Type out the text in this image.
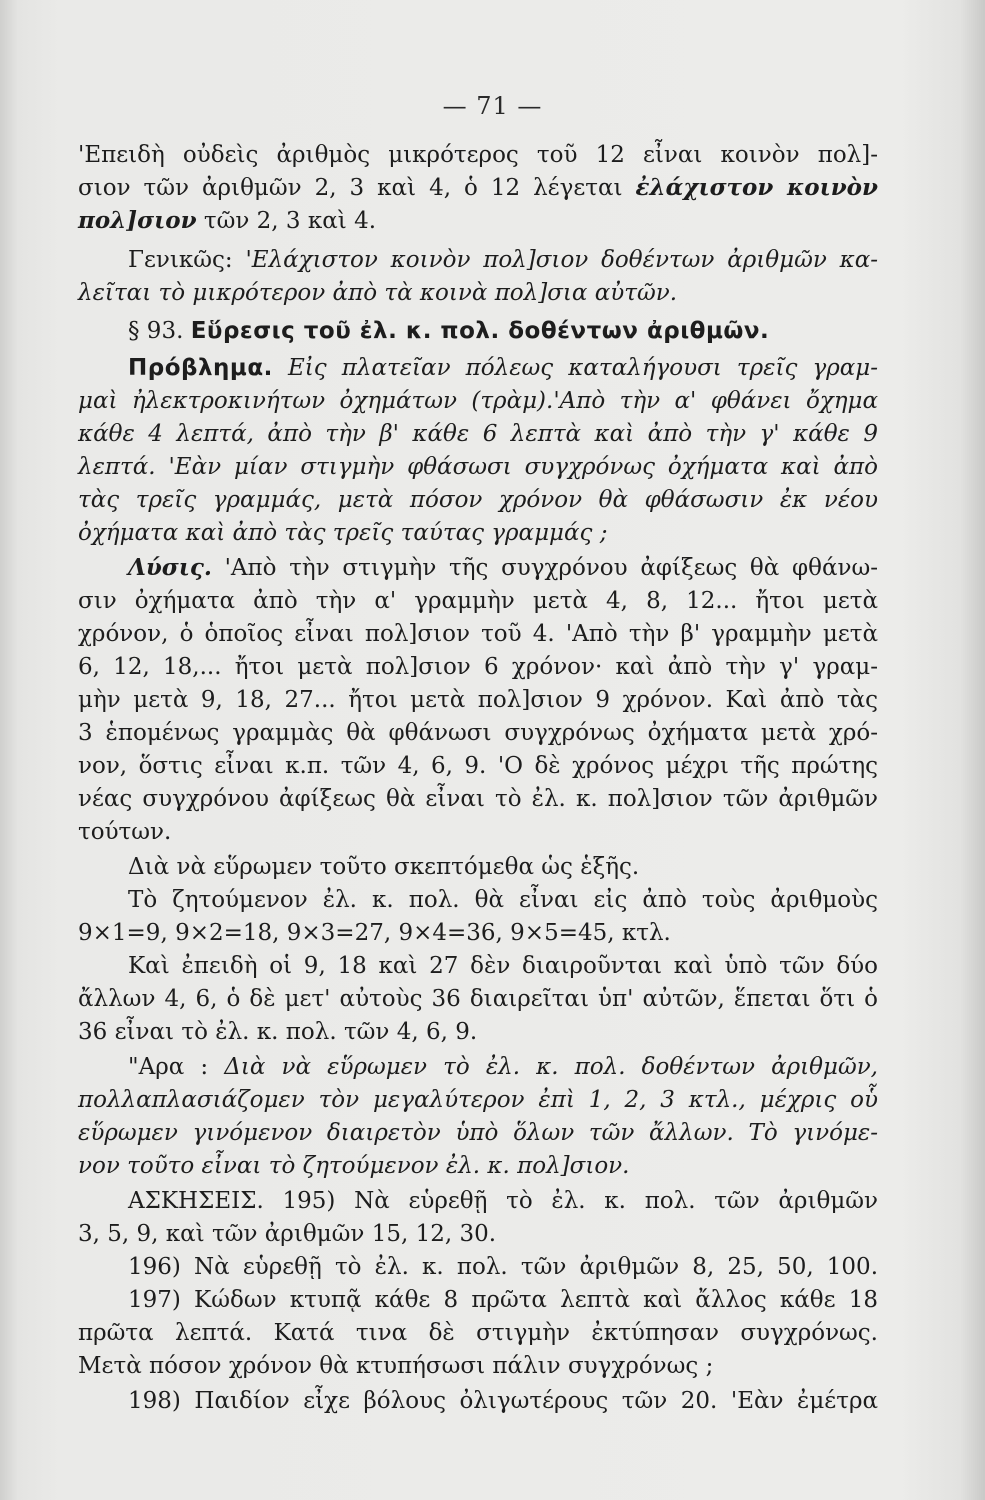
— 71 —
'Επειδὴ οὐδεὶς ἀριθμὸς μικρότερος τοῦ 12 εἶναι κοινὸν πολ]-
σιον τῶν ἀριθμῶν 2, 3 καὶ 4, ὁ 12 λέγεται ἐλάχιστον κοινὸν
πολ]σιον τῶν 2, 3 καὶ 4.
Γενικῶς: 'Ελάχιστον κοινὸν πολ]σιον δοθέντων ἀριθμῶν κα-
λεῖται τὸ μικρότερον ἀπὸ τὰ κοινὰ πολ]σια αὐτῶν.
§ 93. Εὕρεσις τοῦ ἐλ. κ. πολ. δοθέντων ἀριθμῶν.
Πρόβλημα. Εἰς πλατεῖαν πόλεως καταλήγουσι τρεῖς γραμ-
μαὶ ἠλεκτροκινήτων ὀχημάτων (τρὰμ).'Απὸ τὴν α' φθάνει ὄχημα
κάθε 4 λεπτά, ἀπὸ τὴν β' κάθε 6 λεπτὰ καὶ ἀπὸ τὴν γ' κάθε 9
λεπτά. 'Εὰν μίαν στιγμὴν φθάσωσι συγχρόνως ὀχήματα καὶ ἀπὸ
τὰς τρεῖς γραμμάς, μετὰ πόσον χρόνον θὰ φθάσωσιν ἐκ νέου
ὀχήματα καὶ ἀπὸ τὰς τρεῖς ταύτας γραμμάς ;
Λύσις. 'Απὸ τὴν στιγμὴν τῆς συγχρόνου ἀφίξεως θὰ φθάνω-
σιν ὀχήματα ἀπὸ τὴν α' γραμμὴν μετὰ 4, 8, 12... ἤτοι μετὰ
χρόνον, ὁ ὁποῖος εἶναι πολ]σιον τοῦ 4. 'Απὸ τὴν β' γραμμὴν μετὰ
6, 12, 18,... ἤτοι μετὰ πολ]σιον 6 χρόνον· καὶ ἀπὸ τὴν γ' γραμ-
μὴν μετὰ 9, 18, 27... ἤτοι μετὰ πολ]σιον 9 χρόνον. Καὶ ἀπὸ τὰς
3 ἑπομένως γραμμὰς θὰ φθάνωσι συγχρόνως ὀχήματα μετὰ χρό-
νον, ὅστις εἶναι κ.π. τῶν 4, 6, 9. 'Ο δὲ χρόνος μέχρι τῆς πρώτης
νέας συγχρόνου ἀφίξεως θὰ εἶναι τὸ ἐλ. κ. πολ]σιον τῶν ἀριθμῶν
τούτων.
Διὰ νὰ εὕρωμεν τοῦτο σκεπτόμεθα ὡς ἑξῆς.
Τὸ ζητούμενον ἐλ. κ. πολ. θὰ εἶναι εἰς ἀπὸ τοὺς ἀριθμοὺς
9×1=9, 9×2=18, 9×3=27, 9×4=36, 9×5=45, κτλ.
Καὶ ἐπειδὴ οἱ 9, 18 καὶ 27 δὲν διαιροῦνται καὶ ὑπὸ τῶν δύο
ἄλλων 4, 6, ὁ δὲ μετ' αὐτοὺς 36 διαιρεῖται ὑπ' αὐτῶν, ἕπεται ὅτι ὁ
36 εἶναι τὸ ἐλ. κ. πολ. τῶν 4, 6, 9.
"Αρα : Διὰ νὰ εὕρωμεν τὸ ἐλ. κ. πολ. δοθέντων ἀριθμῶν,
πολλαπλασιάζομεν τὸν μεγαλύτερον ἐπὶ 1, 2, 3 κτλ., μέχρις οὗ
εὕρωμεν γινόμενον διαιρετὸν ὑπὸ ὅλων τῶν ἄλλων. Τὸ γινόμε-
νον τοῦτο εἶναι τὸ ζητούμενον ἐλ. κ. πολ]σιον.
ΑΣΚΗΣΕΙΣ. 195) Νὰ εὑρεθῇ τὸ ἐλ. κ. πολ. τῶν ἀριθμῶν
3, 5, 9, καὶ τῶν ἀριθμῶν 15, 12, 30.
196) Νὰ εὑρεθῇ τὸ ἐλ. κ. πολ. τῶν ἀριθμῶν 8, 25, 50, 100.
197) Κώδων κτυπᾷ κάθε 8 πρῶτα λεπτὰ καὶ ἄλλος κάθε 18
πρῶτα λεπτά. Κατά τινα δὲ στιγμὴν ἐκτύπησαν συγχρόνως.
Μετὰ πόσον χρόνον θὰ κτυπήσωσι πάλιν συγχρόνως ;
198) Παιδίον εἶχε βόλους ὀλιγωτέρους τῶν 20. 'Εὰν ἐμέτρα
